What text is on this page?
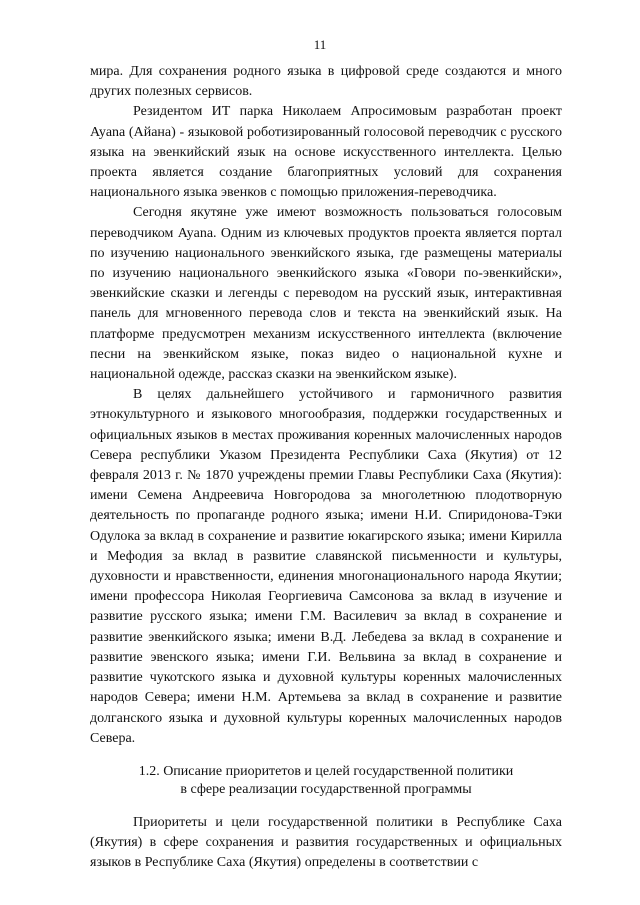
11

мира. Для сохранения родного языка в цифровой среде создаются и много других полезных сервисов.

Резидентом ИТ парка Николаем Апросимовым разработан проект Ayana (Айана) - языковой роботизированный голосовой переводчик с русского языка на эвенкийский язык на основе искусственного интеллекта. Целью проекта является создание благоприятных условий для сохранения национального языка эвенков с помощью приложения-переводчика.

Сегодня якутяне уже имеют возможность пользоваться голосовым переводчиком Ayana. Одним из ключевых продуктов проекта является портал по изучению национального эвенкийского языка, где размещены материалы по изучению национального эвенкийского языка «Говори по-эвенкийски», эвенкийские сказки и легенды с переводом на русский язык, интерактивная панель для мгновенного перевода слов и текста на эвенкийский язык. На платформе предусмотрен механизм искусственного интеллекта (включение песни на эвенкийском языке, показ видео о национальной кухне и национальной одежде, рассказ сказки на эвенкийском языке).

В целях дальнейшего устойчивого и гармоничного развития этнокультурного и языкового многообразия, поддержки государственных и официальных языков в местах проживания коренных малочисленных народов Севера республики Указом Президента Республики Саха (Якутия) от 12 февраля 2013 г. № 1870 учреждены премии Главы Республики Саха (Якутия): имени Семена Андреевича Новгородова за многолетнюю плодотворную деятельность по пропаганде родного языка; имени Н.И. Спиридонова-Тэки Одулока за вклад в сохранение и развитие юкагирского языка; имени Кирилла и Мефодия за вклад в развитие славянской письменности и культуры, духовности и нравственности, единения многонационального народа Якутии; имени профессора Николая Георгиевича Самсонова за вклад в изучение и развитие русского языка; имени Г.М. Василевич за вклад в сохранение и развитие эвенкийского языка; имени В.Д. Лебедева за вклад в сохранение и развитие эвенского языка; имени Г.И. Вельвина за вклад в сохранение и развитие чукотского языка и духовной культуры коренных малочисленных народов Севера; имени Н.М. Артемьева за вклад в сохранение и развитие долганского языка и духовной культуры коренных малочисленных народов Севера.

1.2. Описание приоритетов и целей государственной политики
в сфере реализации государственной программы

Приоритеты и цели государственной политики в Республике Саха (Якутия) в сфере сохранения и развития государственных и официальных языков в Республике Саха (Якутия) определены в соответствии с
